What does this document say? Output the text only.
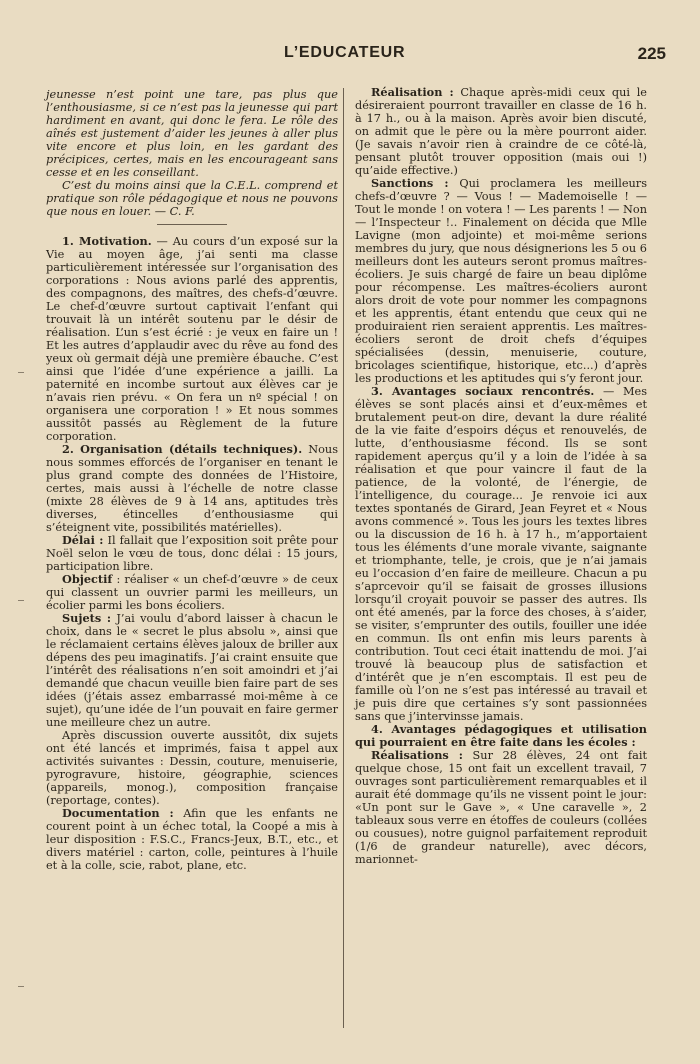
L’EDUCATEUR	225

jeunesse n’est point une tare, pas plus que l’enthousiasme, si ce n’est pas la jeunesse qui part hardiment en avant, qui donc le fera. Le rôle des aînés est justement d’aider les jeunes à aller plus vite encore et plus loin, en les gardant des précipices, certes, mais en les encourageant sans cesse et en les conseillant.

C’est du moins ainsi que la C.E.L. comprend et pratique son rôle pédagogique et nous ne pouvons que nous en louer. — C. F.

1. Motivation. — Au cours d’un exposé sur la Vie au moyen âge, j’ai senti ma classe particulièrement intéressée sur l’organisation des corporations : Nous avions parlé des apprentis, des compagnons, des maîtres, des chefs-d’œuvre. Le chef-d’œuvre surtout captivait l’enfant qui trouvait là un intérêt soutenu par le désir de réalisation. L’un s’est écrié : je veux en faire un ! Et les autres d’applaudir avec du rêve au fond des yeux où germait déjà une première ébauche. C’est ainsi que l’idée d’une expérience a jailli. La paternité en incombe surtout aux élèves car je n’avais rien prévu. « On fera un nº spécial ! on organisera une corporation ! » Et nous sommes aussitôt passés au Règlement de la future corporation.

2. Organisation (détails techniques). Nous nous sommes efforcés de l’organiser en tenant le plus grand compte des données de l’Histoire, certes, mais aussi à l’échelle de notre classe (mixte 28 élèves de 9 à 14 ans, aptitudes très diverses, étincelles d’enthousiasme qui s’éteignent vite, possibilités matérielles).

Délai : Il fallait que l’exposition soit prête pour Noël selon le vœu de tous, donc délai : 15 jours, participation libre.

Objectif : réaliser « un chef-d’œuvre » de ceux qui classent un ouvrier parmi les meilleurs, un écolier parmi les bons écoliers.

Sujets : J’ai voulu d’abord laisser à chacun le choix, dans le « secret le plus absolu », ainsi que le réclamaient certains élèves jaloux de briller aux dépens des peu imaginatifs. J’ai craint ensuite que l’intérêt des réalisations n’en soit amoindri et j’ai demandé que chacun veuille bien faire part de ses idées (j’étais assez embarrassé moi-même à ce sujet), qu’une idée de l’un pouvait en faire germer une meilleure chez un autre.

Après discussion ouverte aussitôt, dix sujets ont été lancés et imprimés, faisa t appel aux activités suivantes : Dessin, couture, menuiserie, pyrogravure, histoire, géographie, sciences (appareils, monog.), composition française (reportage, contes).

Documentation : Afin que les enfants ne courent point à un échec total, la Coopé a mis à leur disposition : F.S.C., Francs-Jeux, B.T., etc., et divers matériel : carton, colle, peintures à l’huile et à la colle, scie, rabot, plane, etc.

Réalisation : Chaque après-midi ceux qui le désireraient pourront travailler en classe de 16 h. à 17 h., ou à la maison. Après avoir bien discuté, on admit que le père ou la mère pourront aider. (Je savais n’avoir rien à craindre de ce côté-là, pensant plutôt trouver opposition (mais oui !) qu’aide effective.)

Sanctions : Qui proclamera les meilleurs chefs-d’œuvre ? — Vous ! — Mademoiselle ! — Tout le monde ! on votera ! — Les parents ! — Non — l’Inspecteur !.. Finalement on décida que Mlle Lavigne (mon adjointe) et moi-même serions membres du jury, que nous désignerions les 5 ou 6 meilleurs dont les auteurs seront promus maîtres-écoliers. Je suis chargé de faire un beau diplôme pour récompense. Les maîtres-écoliers auront alors droit de vote pour nommer les compagnons et les apprentis, étant entendu que ceux qui ne produiraient rien seraient apprentis. Les maîtres-écoliers seront de droit chefs d’équipes spécialisées (dessin, menuiserie, couture, bricolages scientifique, historique, etc...) d’après les productions et les aptitudes qui s’y feront jour.

3. Avantages sociaux rencontrés. — Mes élèves se sont placés ainsi et d’eux-mêmes et brutalement peut-on dire, devant la dure réalité de la vie faite d’espoirs déçus et renouvelés, de lutte, d’enthousiasme fécond. Ils se sont rapidement aperçus qu’il y a loin de l’idée à sa réalisation et que pour vaincre il faut de la patience, de la volonté, de l’énergie, de l’intelligence, du courage... Je renvoie ici aux textes spontanés de Girard, Jean Feyret et « Nous avons commencé ». Tous les jours les textes libres ou la discussion de 16 h. à 17 h., m’apportaient tous les éléments d’une morale vivante, saignante et triomphante, telle, je crois, que je n’ai jamais eu l’occasion d’en faire de meilleure. Chacun a pu s’aprcevoir qu’il se faisait de grosses illusions lorsqu’il croyait pouvoir se passer des autres. Ils ont été amenés, par la force des choses, à s’aider, se visiter, s’emprunter des outils, fouiller une idée en commun. Ils ont enfin mis leurs parents à contribution. Tout ceci était inattendu de moi. J’ai trouvé là beaucoup plus de satisfaction et d’intérêt que je n’en escomptais. Il est peu de famille où l’on ne s’est pas intéressé au travail et je puis dire que certaines s’y sont passionnées sans que j’intervinsse jamais.

4. Avantages pédagogiques et utilisation qui pourraient en être faite dans les écoles :

Réalisations : Sur 28 élèves, 24 ont fait quelque chose, 15 ont fait un excellent travail, 7 ouvrages sont particulièrement remarquables et il aurait été dommage qu’ils ne vissent point le jour: «Un pont sur le Gave », « Une caravelle », 2 tableaux sous verre en étoffes de couleurs (collées ou cousues), notre guignol parfaitement reproduit (1/6 de grandeur naturelle), avec décors, marionnet-
